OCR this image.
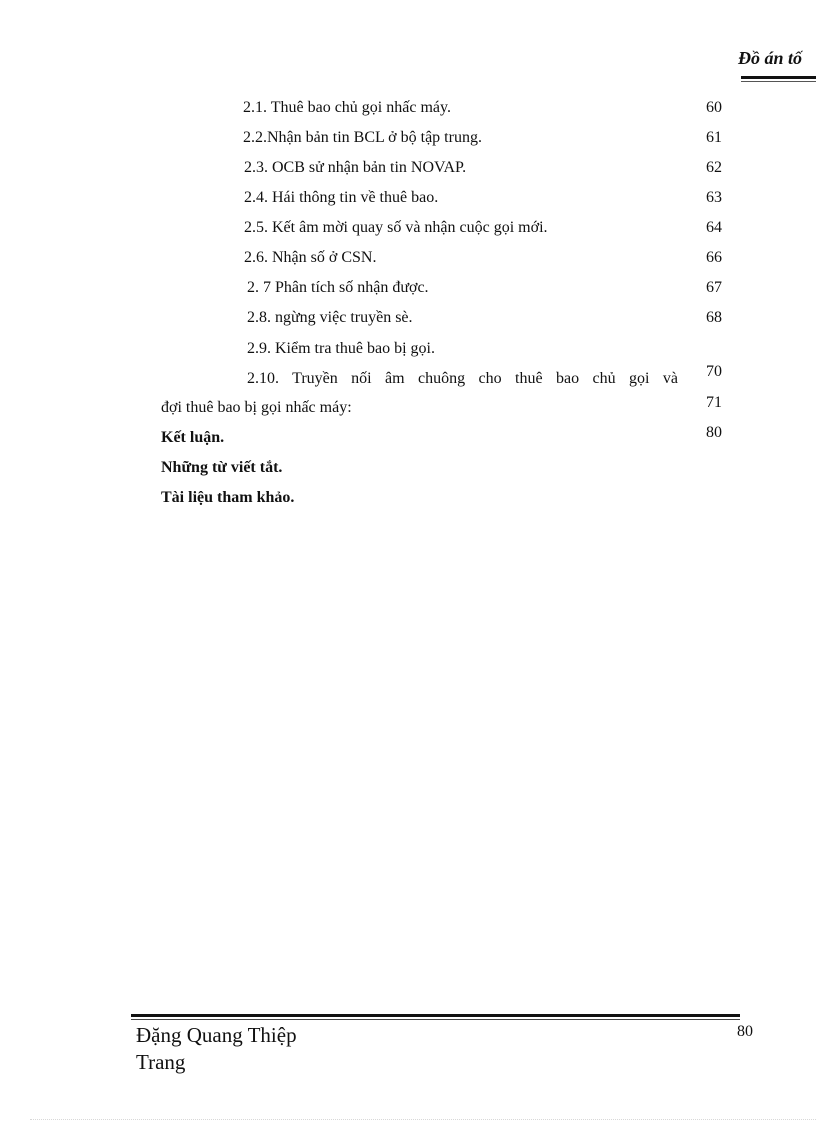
Đồ án tố
2.1. Thuê bao chủ gọi nhấc máy.
2.2.Nhận bản tin BCL ở bộ tập trung.
2.3. OCB sử nhận bản tin NOVAP.
2.4. Hái thông tin về thuê bao.
2.5. Kết âm mời quay số và nhận cuộc gọi mới.
2.6. Nhận số ở CSN.
2. 7 Phân tích số nhận được.
2.8. ngừng việc truyền sè.
2.9. Kiểm tra thuê bao bị gọi.
2.10. Truyền nối âm chuông cho thuê bao chủ gọi và
đợi thuê bao bị gọi nhấc máy:
Kết luận.
Những từ viết tắt.
Tài liệu tham khảo.
60
61
62
63
64
66
67
68
70
71
80
Đặng Quang Thiệp
Trang
80
